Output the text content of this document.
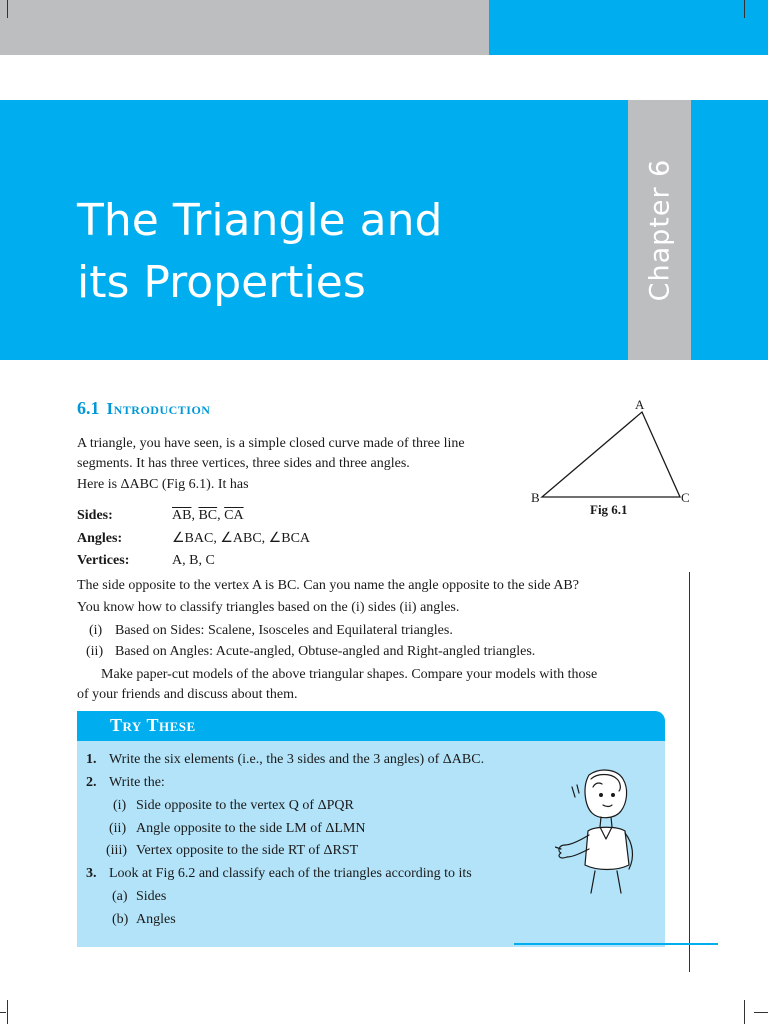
Chapter 6
The Triangle and
its Properties
6.1 Introduction
A triangle, you have seen, is a simple closed curve made of three line
segments. It has three vertices, three sides and three angles.
Here is ΔABC (Fig 6.1). It has
Sides:	$\overline{AB}$, $\overline{BC}$, $\overline{CA}$
Angles:	∠BAC, ∠ABC, ∠BCA
Vertices:	A, B, C
A
B	C
Fig 6.1
The side opposite to the vertex A is BC. Can you name the angle opposite to the side AB?
You know how to classify triangles based on the (i) sides (ii) angles.
(i) Based on Sides: Scalene, Isosceles and Equilateral triangles.
(ii) Based on Angles: Acute-angled, Obtuse-angled and Right-angled triangles.
Make paper-cut models of the above triangular shapes. Compare your models with those
of your friends and discuss about them.
Try These
1. Write the six elements (i.e., the 3 sides and the 3 angles) of ΔABC.
2. Write the:
(i) Side opposite to the vertex Q of ΔPQR
(ii) Angle opposite to the side LM of ΔLMN
(iii) Vertex opposite to the side RT of ΔRST
3. Look at Fig 6.2 and classify each of the triangles according to its
(a) Sides
(b) Angles
